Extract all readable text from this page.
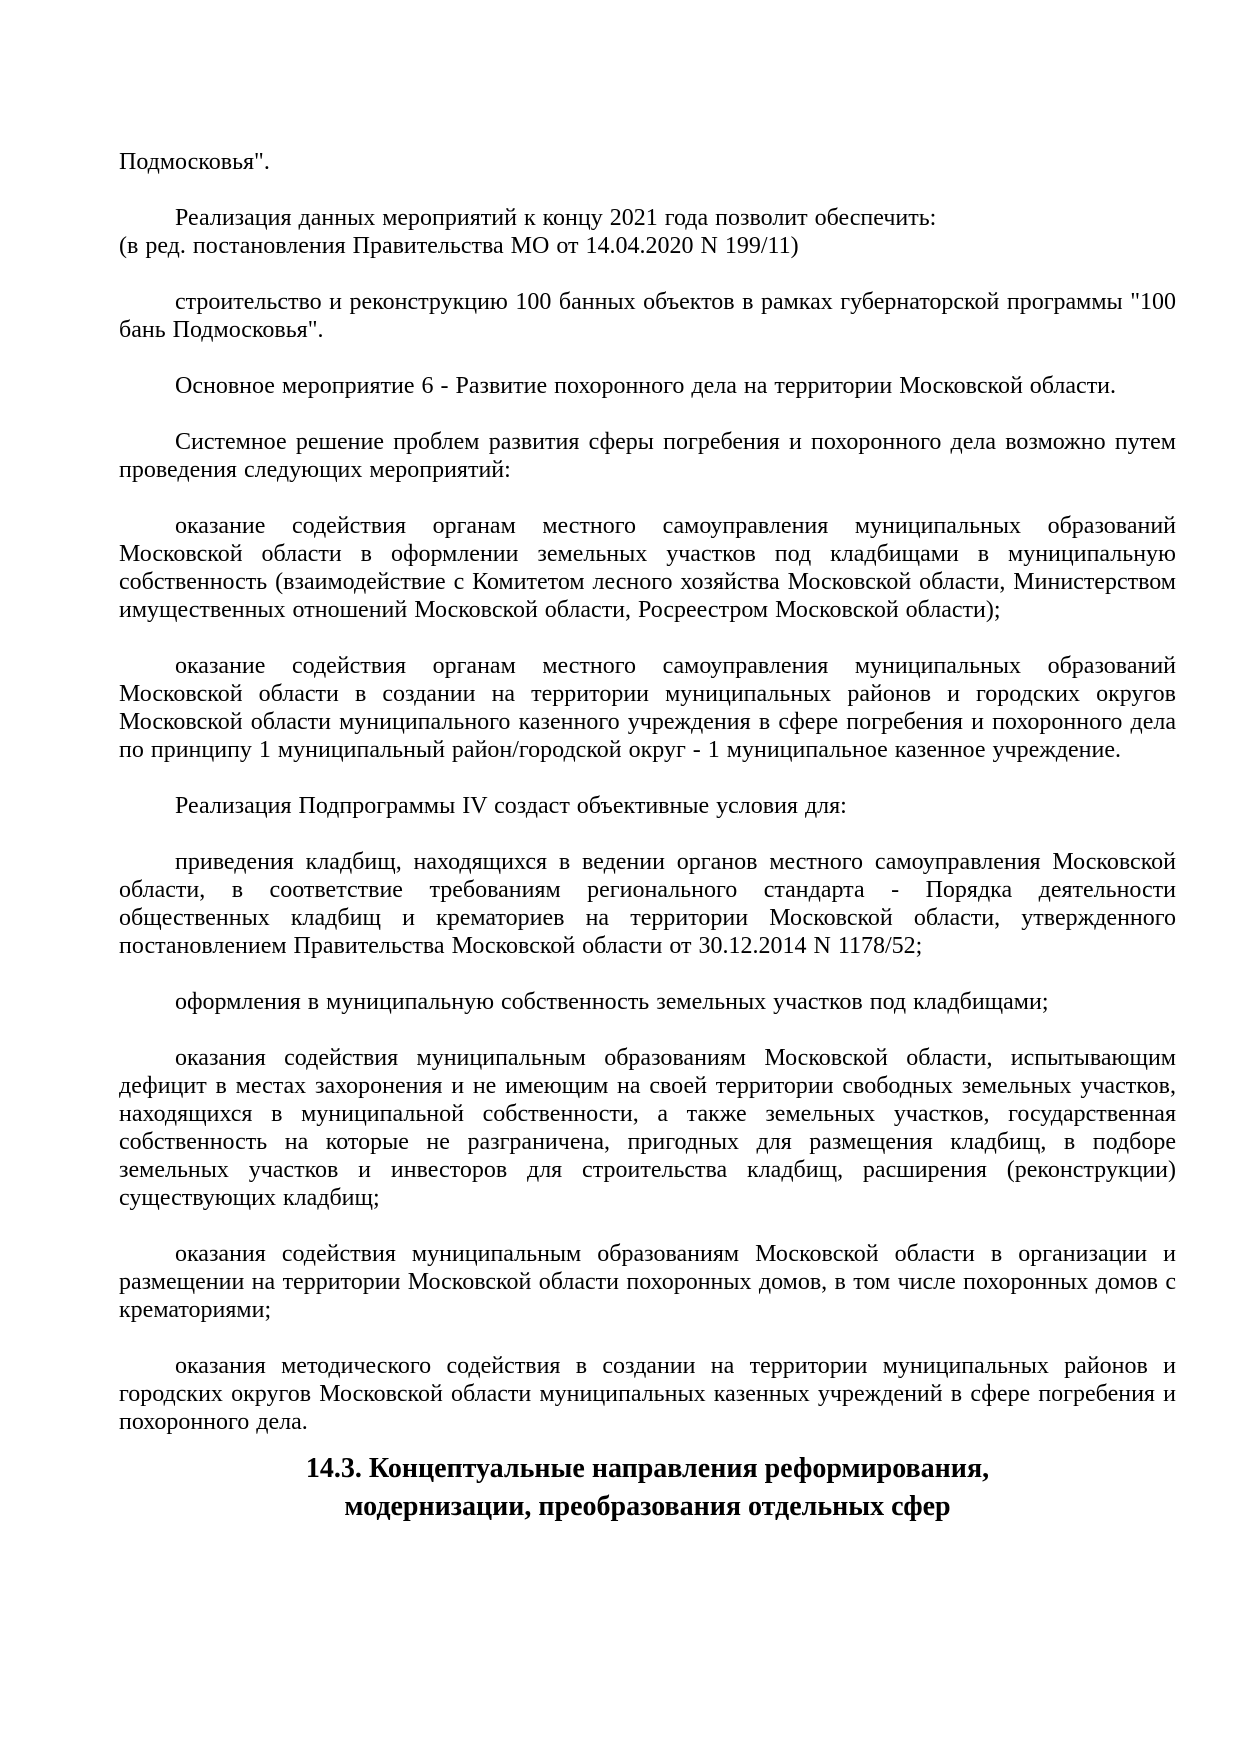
Подмосковья".

Реализация данных мероприятий к концу 2021 года позволит обеспечить:

(в ред. постановления Правительства МО от 14.04.2020 N 199/11)

строительство и реконструкцию 100 банных объектов в рамках губернаторской программы "100 бань Подмосковья".

Основное мероприятие 6 - Развитие похоронного дела на территории Московской области.

Системное решение проблем развития сферы погребения и похоронного дела возможно путем проведения следующих мероприятий:

оказание содействия органам местного самоуправления муниципальных образований Московской области в оформлении земельных участков под кладбищами в муниципальную собственность (взаимодействие с Комитетом лесного хозяйства Московской области, Министерством имущественных отношений Московской области, Росреестром Московской области);

оказание содействия органам местного самоуправления муниципальных образований Московской области в создании на территории муниципальных районов и городских округов Московской области муниципального казенного учреждения в сфере погребения и похоронного дела по принципу 1 муниципальный район/городской округ - 1 муниципальное казенное учреждение.

Реализация Подпрограммы IV создаст объективные условия для:

приведения кладбищ, находящихся в ведении органов местного самоуправления Московской области, в соответствие требованиям регионального стандарта - Порядка деятельности общественных кладбищ и крематориев на территории Московской области, утвержденного постановлением Правительства Московской области от 30.12.2014 N 1178/52;

оформления в муниципальную собственность земельных участков под кладбищами;

оказания содействия муниципальным образованиям Московской области, испытывающим дефицит в местах захоронения и не имеющим на своей территории свободных земельных участков, находящихся в муниципальной собственности, а также земельных участков, государственная собственность на которые не разграничена, пригодных для размещения кладбищ, в подборе земельных участков и инвесторов для строительства кладбищ, расширения (реконструкции) существующих кладбищ;

оказания содействия муниципальным образованиям Московской области в организации и размещении на территории Московской области похоронных домов, в том числе похоронных домов с крематориями;

оказания методического содействия в создании на территории муниципальных районов и городских округов Московской области муниципальных казенных учреждений в сфере погребения и похоронного дела.

14.3. Концептуальные направления реформирования,
модернизации, преобразования отдельных сфер
